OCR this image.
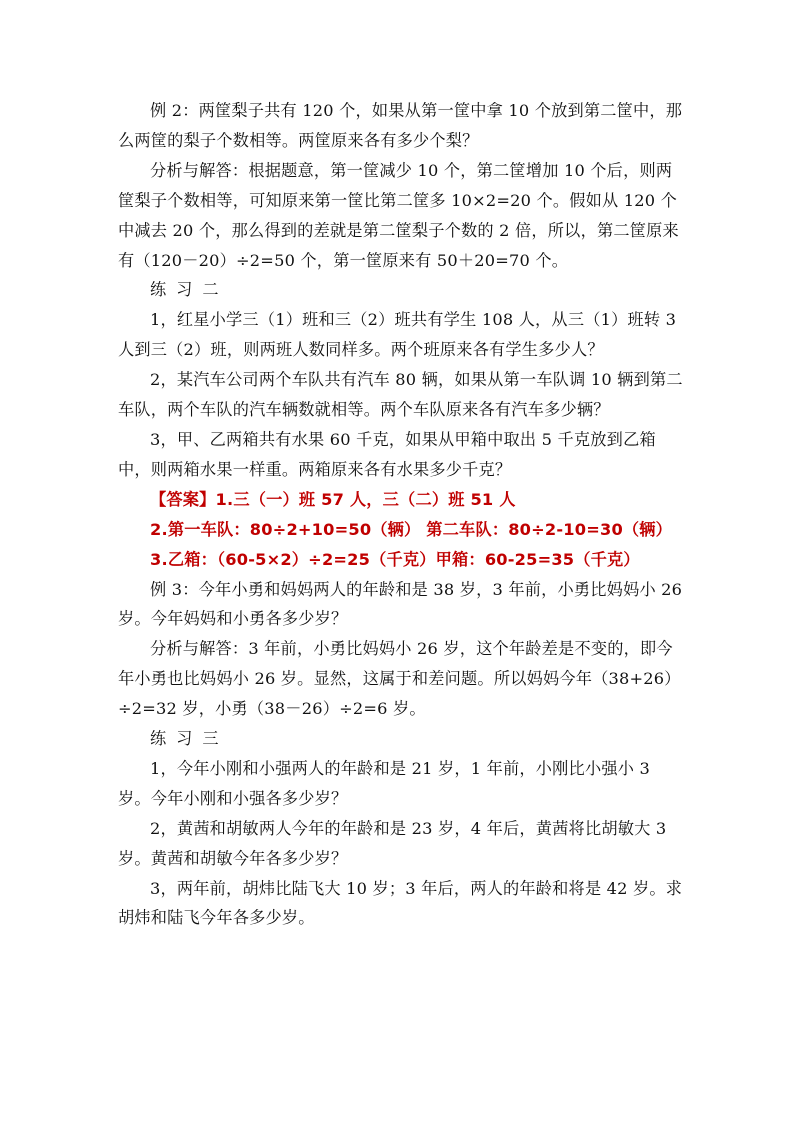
例 2：两筐梨子共有 120 个，如果从第一筐中拿 10 个放到第二筐中，那么两筐的梨子个数相等。两筐原来各有多少个梨？

分析与解答：根据题意，第一筐减少 10 个，第二筐增加 10 个后，则两筐梨子个数相等，可知原来第一筐比第二筐多 10×2=20 个。假如从 120 个中减去 20 个，那么得到的差就是第二筐梨子个数的 2 倍，所以，第二筐原来有（120－20）÷2=50 个，第一筐原来有 50＋20=70 个。

练习二

1，红星小学三（1）班和三（2）班共有学生 108 人，从三（1）班转 3 人到三（2）班，则两班人数同样多。两个班原来各有学生多少人？

2，某汽车公司两个车队共有汽车 80 辆，如果从第一车队调 10 辆到第二车队，两个车队的汽车辆数就相等。两个车队原来各有汽车多少辆？

3，甲、乙两箱共有水果 60 千克，如果从甲箱中取出 5 千克放到乙箱中，则两箱水果一样重。两箱原来各有水果多少千克？

【答案】1.三（一）班 57 人，三（二）班 51 人

2.第一车队：80÷2+10=50（辆） 第二车队：80÷2-10=30（辆）

3.乙箱：（60-5×2）÷2=25（千克）甲箱：60-25=35（千克）

例 3：今年小勇和妈妈两人的年龄和是 38 岁，3 年前，小勇比妈妈小 26 岁。今年妈妈和小勇各多少岁？

分析与解答：3 年前，小勇比妈妈小 26 岁，这个年龄差是不变的，即今年小勇也比妈妈小 26 岁。显然，这属于和差问题。所以妈妈今年（38+26）÷2=32 岁，小勇（38－26）÷2=6 岁。

练习三

1，今年小刚和小强两人的年龄和是 21 岁，1 年前，小刚比小强小 3 岁。今年小刚和小强各多少岁？

2，黄茜和胡敏两人今年的年龄和是 23 岁，4 年后，黄茜将比胡敏大 3 岁。黄茜和胡敏今年各多少岁？

3，两年前，胡炜比陆飞大 10 岁；3 年后，两人的年龄和将是 42 岁。求胡炜和陆飞今年各多少岁。
